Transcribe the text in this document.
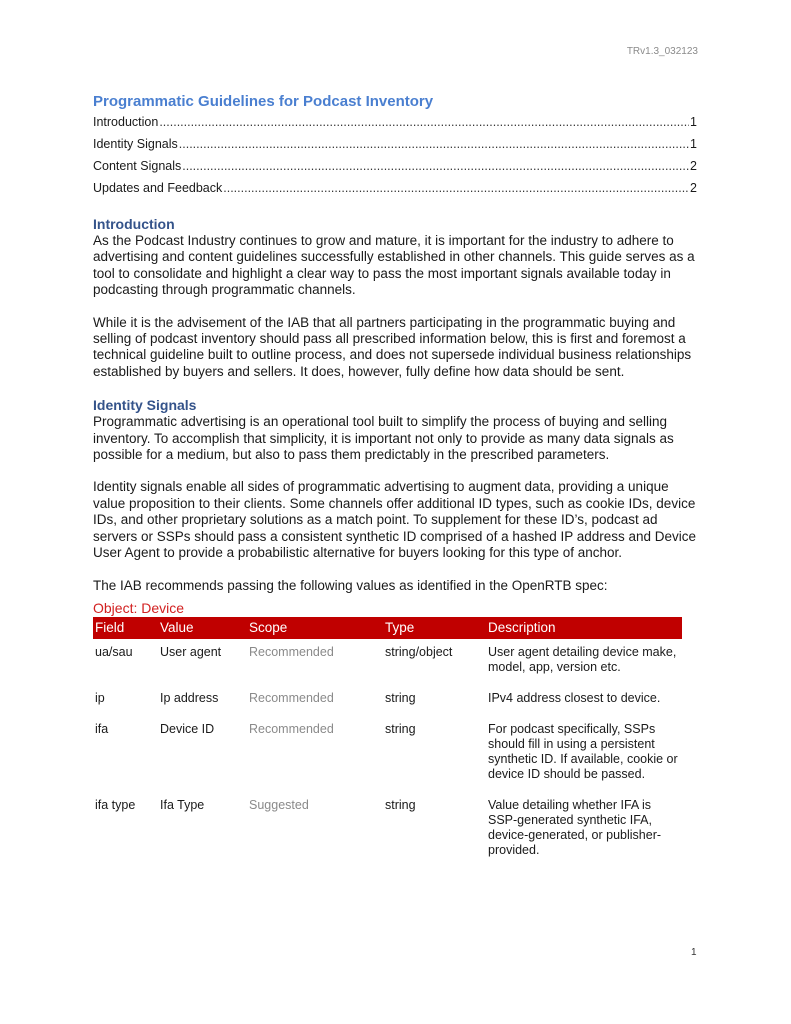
TRv1.3_032123
Programmatic Guidelines for Podcast Inventory
Introduction .....	1
Identity Signals .....	1
Content Signals .....	2
Updates and Feedback .....	2
Introduction

As the Podcast Industry continues to grow and mature, it is important for the industry to adhere to advertising and content guidelines successfully established in other channels. This guide serves as a tool to consolidate and highlight a clear way to pass the most important signals available today in podcasting through programmatic channels.

While it is the advisement of the IAB that all partners participating in the programmatic buying and selling of podcast inventory should pass all prescribed information below, this is first and foremost a technical guideline built to outline process, and does not supersede individual business relationships established by buyers and sellers. It does, however, fully define how data should be sent.

Identity Signals

Programmatic advertising is an operational tool built to simplify the process of buying and selling inventory. To accomplish that simplicity, it is important not only to provide as many data signals as possible for a medium, but also to pass them predictably in the prescribed parameters.

Identity signals enable all sides of programmatic advertising to augment data, providing a unique value proposition to their clients. Some channels offer additional ID types, such as cookie IDs, device IDs, and other proprietary solutions as a match point. To supplement for these ID’s, podcast ad servers or SSPs should pass a consistent synthetic ID comprised of a hashed IP address and Device User Agent to provide a probabilistic alternative for buyers looking for this type of anchor.

The IAB recommends passing the following values as identified in the OpenRTB spec:

Object: Device
Field	Value	Scope	Type	Description
ua/sau	User agent	Recommended	string/object	User agent detailing device make, model, app, version etc.
ip	Ip address	Recommended	string	IPv4 address closest to device.
ifa	Device ID	Recommended	string	For podcast specifically, SSPs should fill in using a persistent synthetic ID. If available, cookie or device ID should be passed.
ifa type	Ifa Type	Suggested	string	Value detailing whether IFA is SSP-generated synthetic IFA, device-generated, or publisher-provided.
1
